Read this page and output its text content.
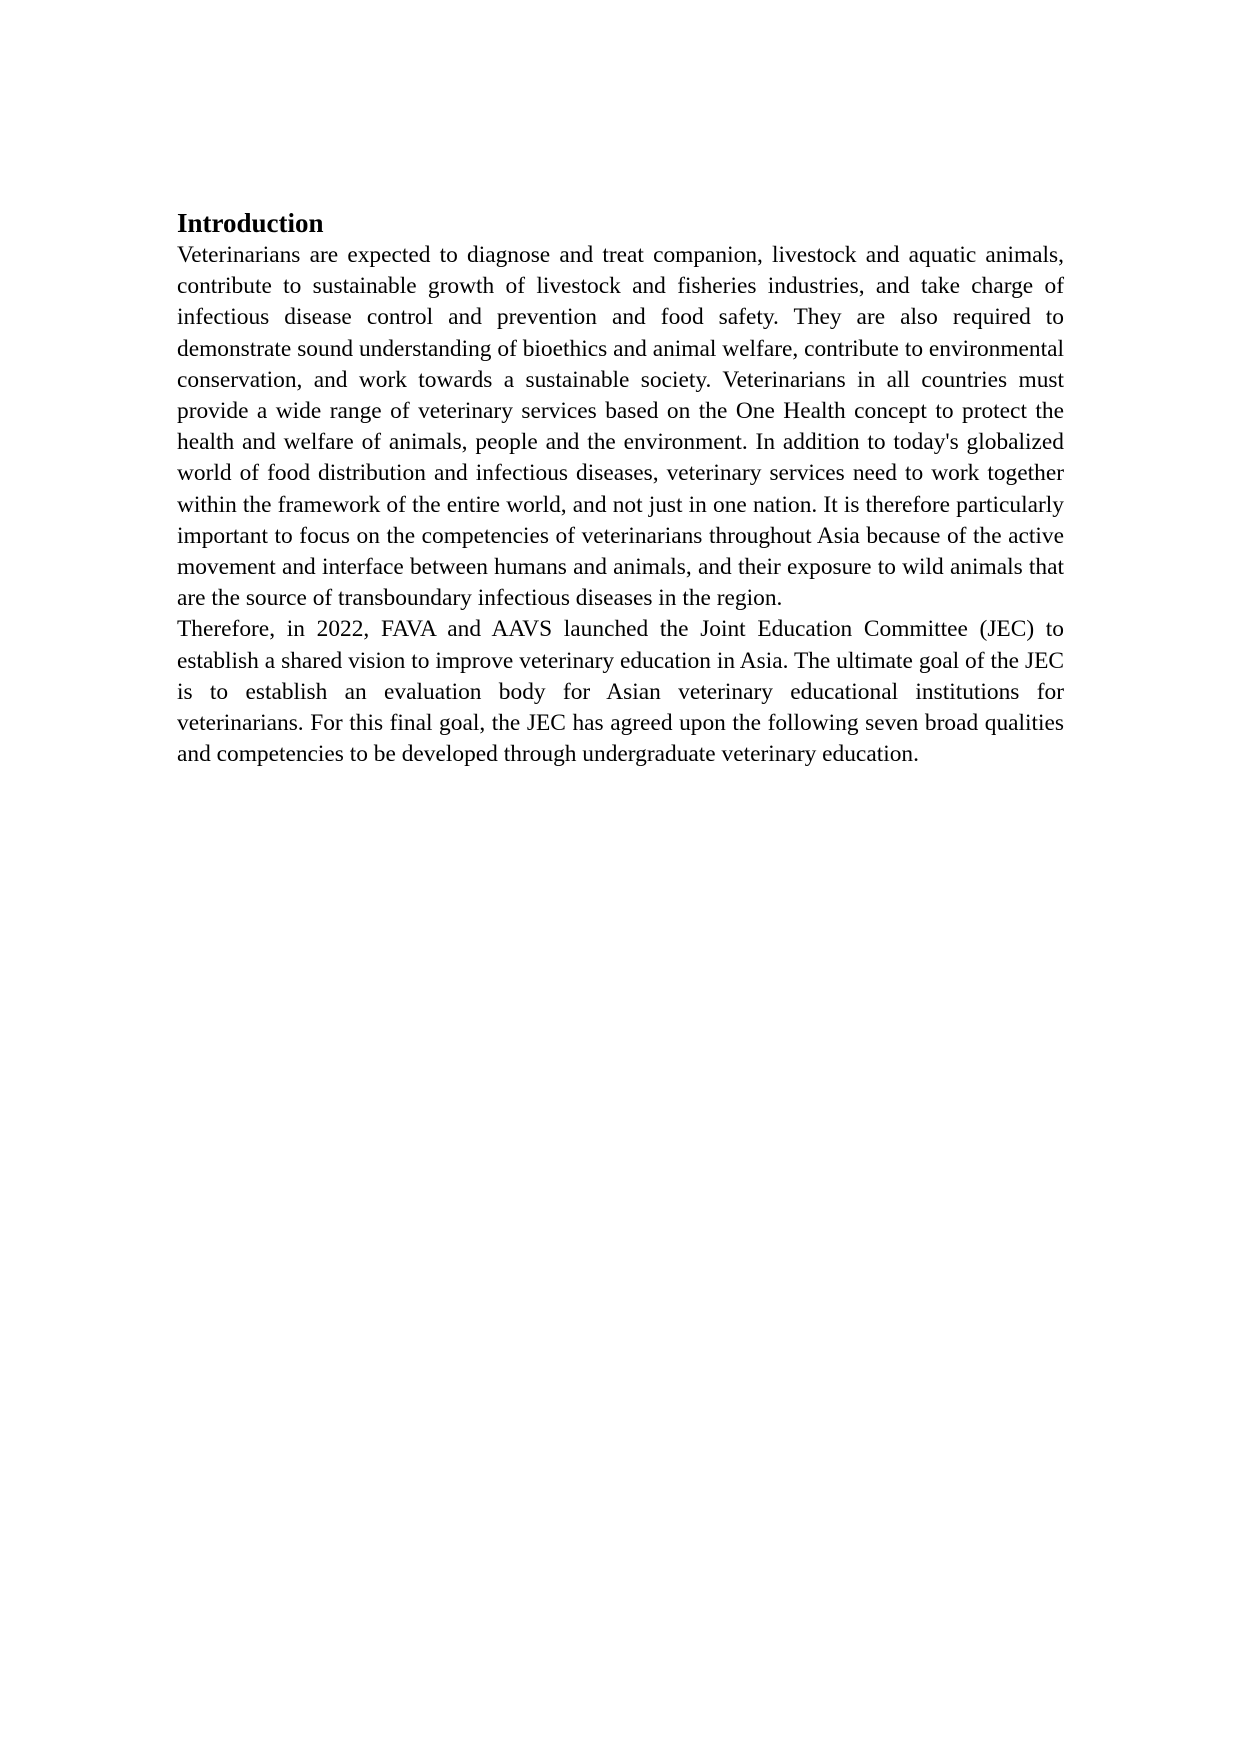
Introduction

Veterinarians are expected to diagnose and treat companion, livestock and aquatic animals, contribute to sustainable growth of livestock and fisheries industries, and take charge of infectious disease control and prevention and food safety. They are also required to demonstrate sound understanding of bioethics and animal welfare, contribute to environmental conservation, and work towards a sustainable society. Veterinarians in all countries must provide a wide range of veterinary services based on the One Health concept to protect the health and welfare of animals, people and the environment. In addition to today's globalized world of food distribution and infectious diseases, veterinary services need to work together within the framework of the entire world, and not just in one nation. It is therefore particularly important to focus on the competencies of veterinarians throughout Asia because of the active movement and interface between humans and animals, and their exposure to wild animals that are the source of transboundary infectious diseases in the region.

Therefore, in 2022, FAVA and AAVS launched the Joint Education Committee (JEC) to establish a shared vision to improve veterinary education in Asia. The ultimate goal of the JEC is to establish an evaluation body for Asian veterinary educational institutions for veterinarians. For this final goal, the JEC has agreed upon the following seven broad qualities and competencies to be developed through undergraduate veterinary education.
